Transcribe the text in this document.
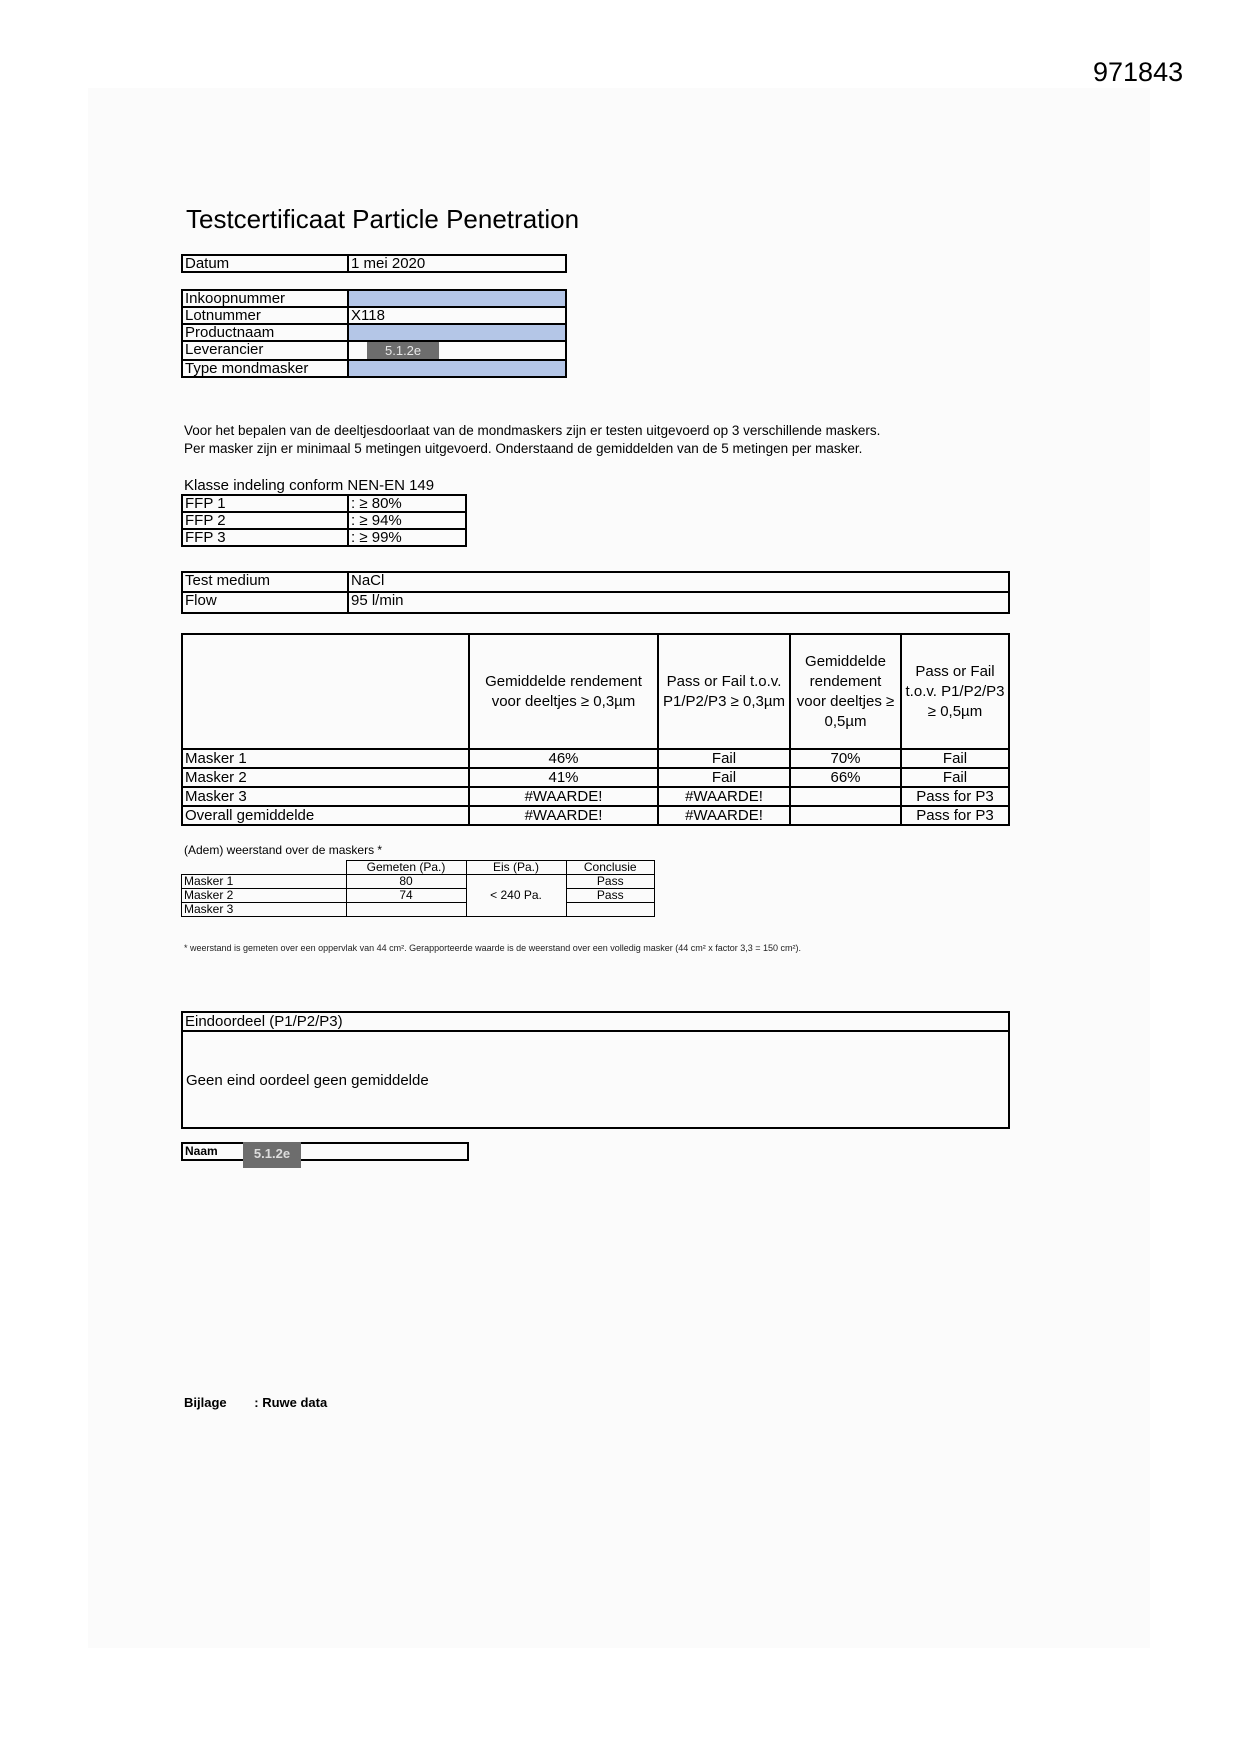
971843
Testcertificaat Particle Penetration
Datum	1 mei 2020
Inkoopnummer	
Lotnummer	X118
Productnaam	
Leverancier	5.1.2e
Type mondmasker	
Voor het bepalen van de deeltjesdoorlaat van de mondmaskers zijn er testen uitgevoerd op 3 verschillende maskers.
Per masker zijn er minimaal 5 metingen uitgevoerd. Onderstaand de gemiddelden van de 5 metingen per masker.
Klasse indeling conform NEN-EN 149
FFP 1	: ≥ 80%
FFP 2	: ≥ 94%
FFP 3	: ≥ 99%
Test medium	NaCl
Flow	95 l/min
	Gemiddelde rendement voor deeltjes ≥ 0,3µm	Pass or Fail t.o.v. P1/P2/P3 ≥ 0,3µm	Gemiddelde rendement voor deeltjes ≥ 0,5µm	Pass or Fail t.o.v. P1/P2/P3 ≥ 0,5µm
Masker 1	46%	Fail	70%	Fail
Masker 2	41%	Fail	66%	Fail
Masker 3	#WAARDE!	#WAARDE!		Pass for P3
Overall gemiddelde	#WAARDE!	#WAARDE!		Pass for P3
(Adem) weerstand over de maskers *
	Gemeten (Pa.)	Eis (Pa.)	Conclusie
Masker 1	80	< 240 Pa.	Pass
Masker 2	74		Pass
Masker 3			
* weerstand is gemeten over een oppervlak van 44 cm². Gerapporteerde waarde is de weerstand over een volledig masker (44 cm² x factor 3,3 = 150 cm²).
Eindoordeel (P1/P2/P3)
Geen eind oordeel geen gemiddelde
Naam	5.1.2e
Bijlage : Ruwe data
